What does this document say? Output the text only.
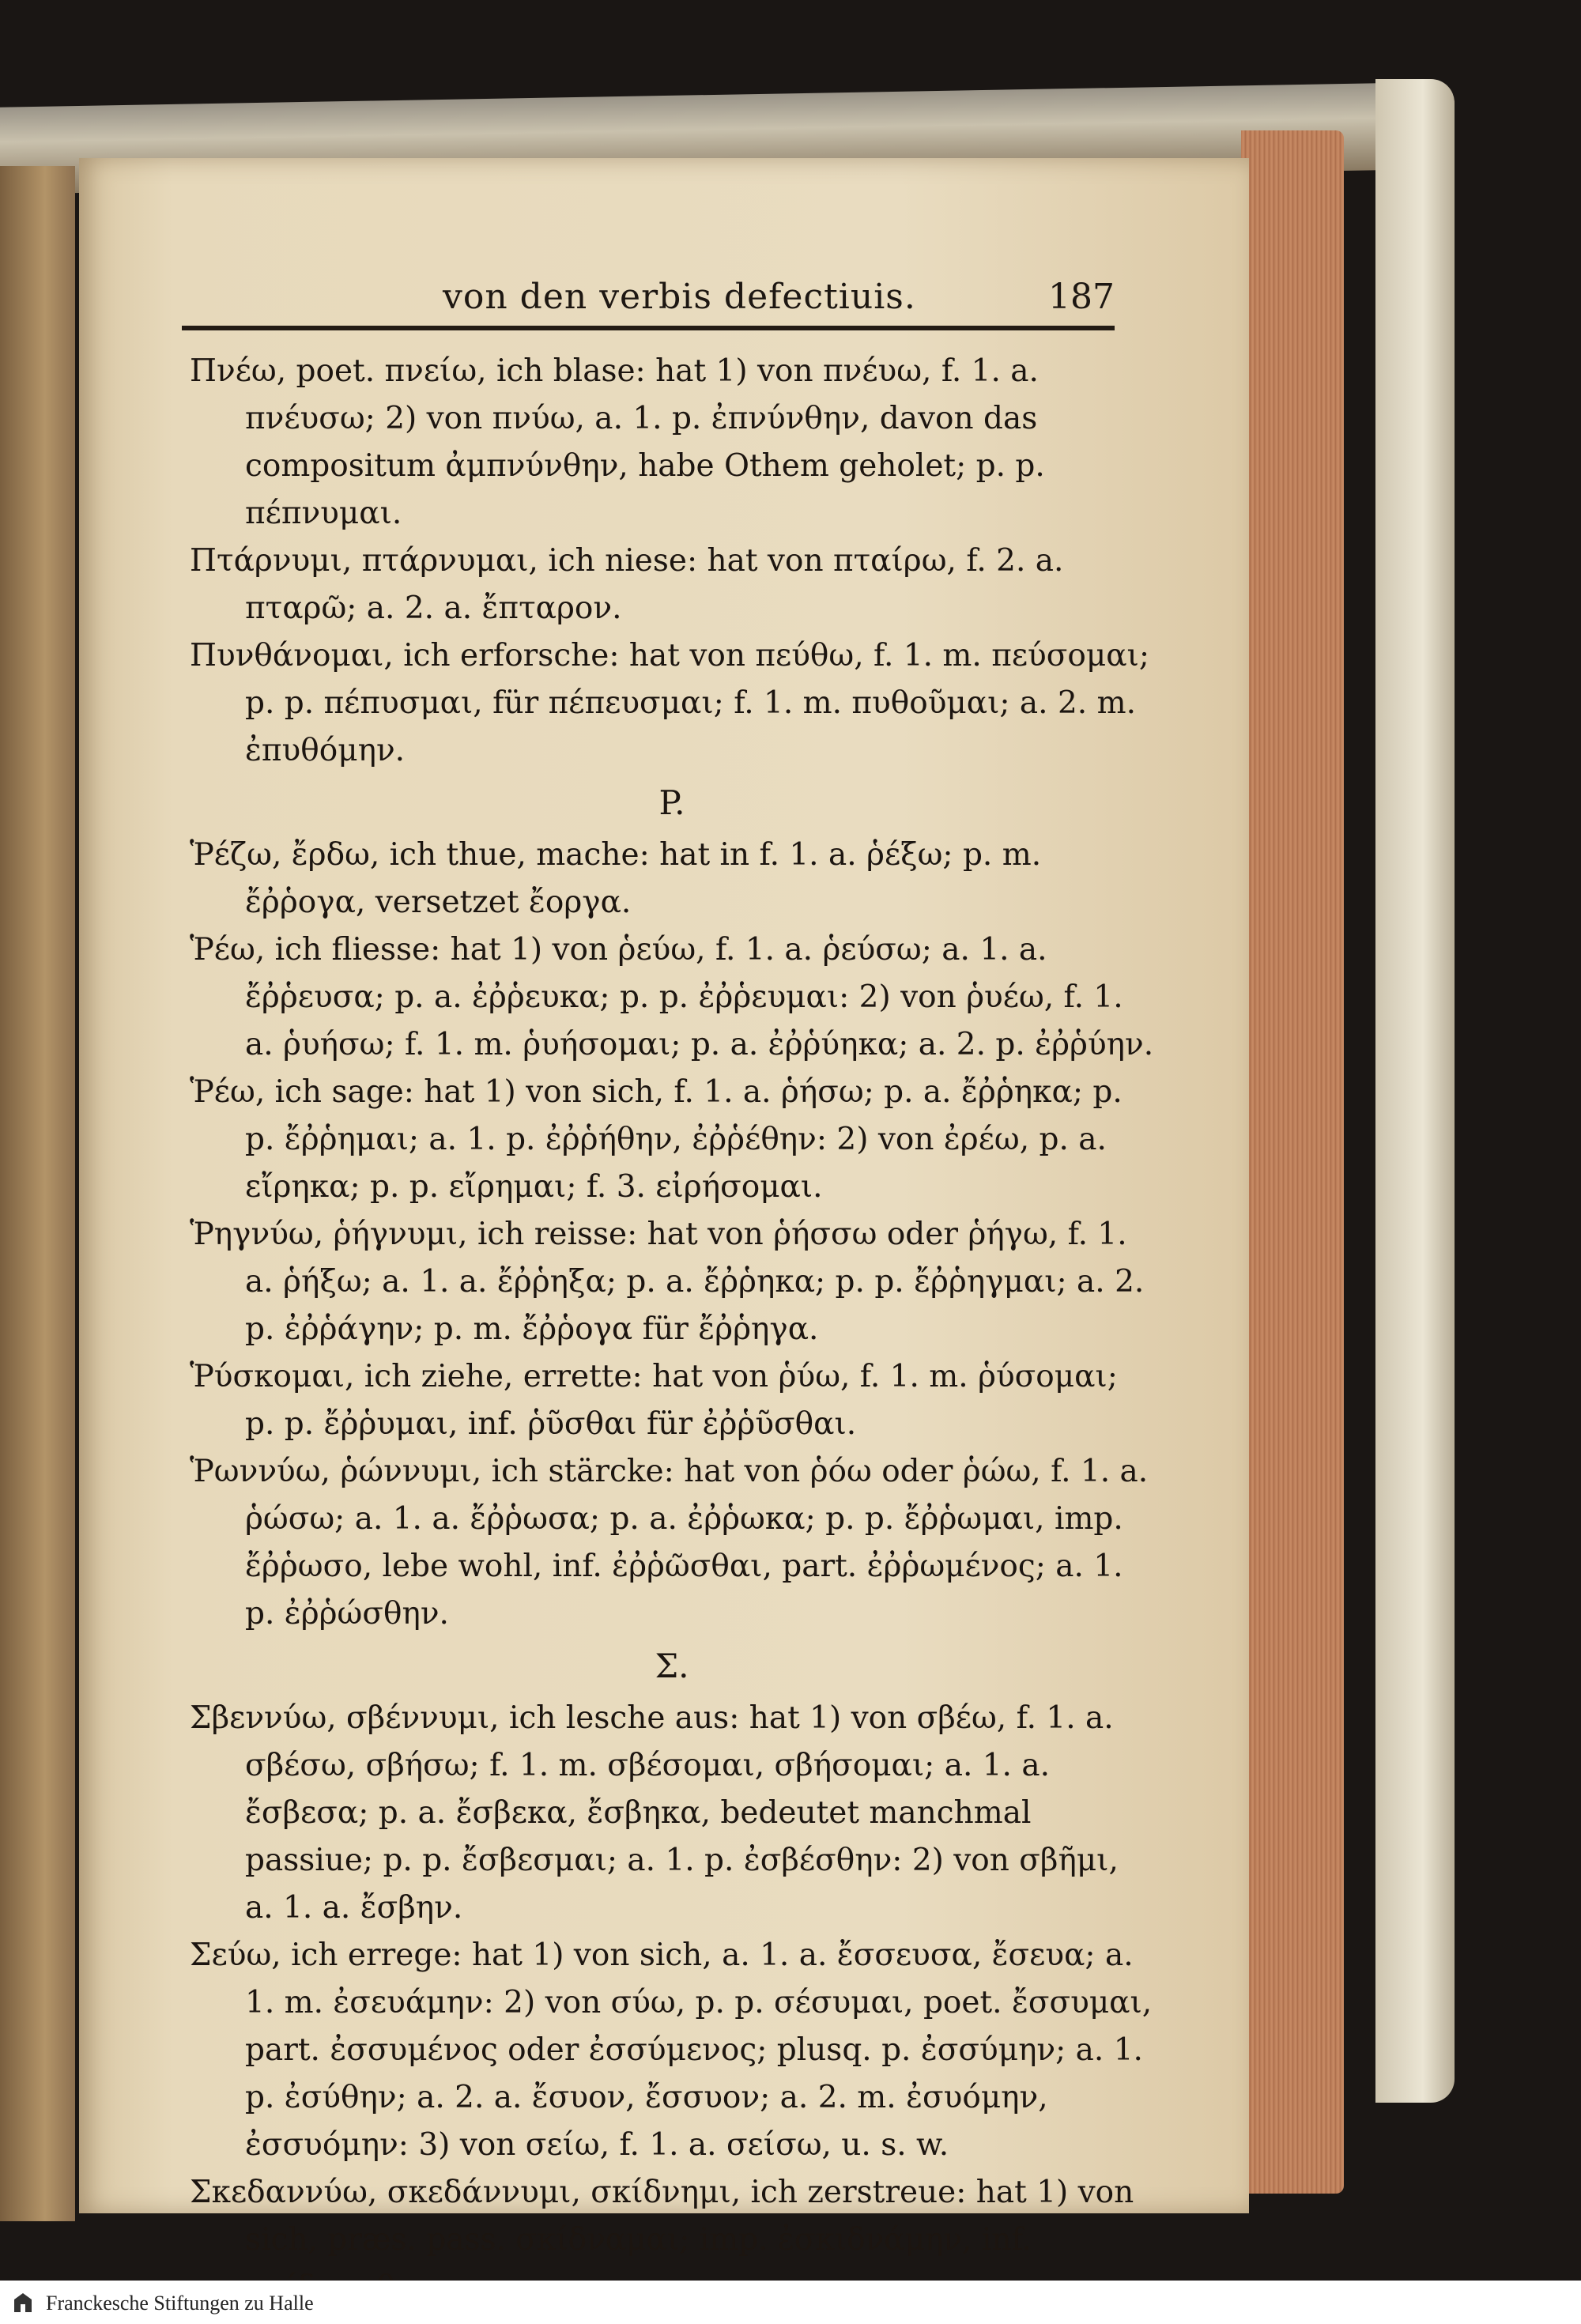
von den verbis defectiuis.	187

Πνέω, poet. πνείω, ich blase: hat 1) von πνέυω, f. 1. a. πνέυσω; 2) von πνύω, a. 1. p. ἐπνύνθην, davon das compositum ἀμπνύνθην, habe Othem geholet; p. p. πέπνυμαι.

Πτάρνυμι, πτάρνυμαι, ich niese: hat von πταίρω, f. 2. a. πταρῶ; a. 2. a. ἔπταρον.

Πυνθάνομαι, ich erforsche: hat von πεύθω, f. 1. m. πεύσομαι; p. p. πέπυσμαι, für πέπευσμαι; f. 1. m. πυθοῦμαι; a. 2. m. ἐπυθόμην.

P.

Ῥέζω, ἔρδω, ich thue, mache: hat in f. 1. a. ῥέξω; p. m. ἔῤῥογα, versetzet ἔοργα.

Ῥέω, ich fliesse: hat 1) von ῥεύω, f. 1. a. ῥεύσω; a. 1. a. ἔῤῥευσα; p. a. ἐῤῥευκα; p. p. ἐῤῥευμαι: 2) von ῥυέω, f. 1. a. ῥυήσω; f. 1. m. ῥυήσομαι; p. a. ἐῤῥύηκα; a. 2. p. ἐῤῥύην.

Ῥέω, ich sage: hat 1) von sich, f. 1. a. ῥήσω; p. a. ἔῤῥηκα; p. p. ἔῤῥημαι; a. 1. p. ἐῤῥήθην, ἐῤῥέθην: 2) von ἐρέω, p. a. εἴρηκα; p. p. εἴρημαι; f. 3. εἰρήσομαι.

Ῥηγνύω, ῥήγνυμι, ich reisse: hat von ῥήσσω oder ῥήγω, f. 1. a. ῥήξω; a. 1. a. ἔῤῥηξα; p. a. ἔῤῥηκα; p. p. ἔῤῥηγμαι; a. 2. p. ἐῤῥάγην; p. m. ἔῤῥογα für ἔῤῥηγα.

Ῥύσκομαι, ich ziehe, errette: hat von ῥύω, f. 1. m. ῥύσομαι; p. p. ἔῤῥυμαι, inf. ῥῦσθαι für ἐῤῥῦσθαι.

Ῥωννύω, ῥώννυμι, ich stärcke: hat von ῥόω oder ῥώω, f. 1. a. ῥώσω; a. 1. a. ἔῤῥωσα; p. a. ἐῤῥωκα; p. p. ἔῤῥωμαι, imp. ἔῤῥωσο, lebe wohl, inf. ἐῤῥῶσθαι, part. ἐῤῥωμένος; a. 1. p. ἐῤῥώσθην.

Σ.

Σβεννύω, σβέννυμι, ich lesche aus: hat 1) von σβέω, f. 1. a. σβέσω, σβήσω; f. 1. m. σβέσομαι, σβήσομαι; a. 1. a. ἔσβεσα; p. a. ἔσβεκα, ἔσβηκα, bedeutet manchmal passiue; p. p. ἔσβεσμαι; a. 1. p. ἐσβέσθην: 2) von σβῆμι, a. 1. a. ἔσβην.

Σεύω, ich errege: hat 1) von sich, a. 1. a. ἔσσευσα, ἔσευα; a. 1. m. ἐσευάμην: 2) von σύω, p. p. σέσυμαι, poet. ἔσσυμαι, part. ἐσσυμένος oder ἐσσύμενος; plusq. p. ἐσσύμην; a. 1. p. ἐσύθην; a. 2. a. ἔσυον, ἔσσυον; a. 2. m. ἐσυόμην, ἐσσυόμην: 3) von σείω, f. 1. a. σείσω, u. s. w.

Σκεδαννύω, σκεδάννυμι, σκίδνημι, ich zerstreue: hat 1) von sich, præs. pass. σκίδναμαι; imp. ἐσκιδνάμην, inf.

Franckesche Stiftungen zu Halle
